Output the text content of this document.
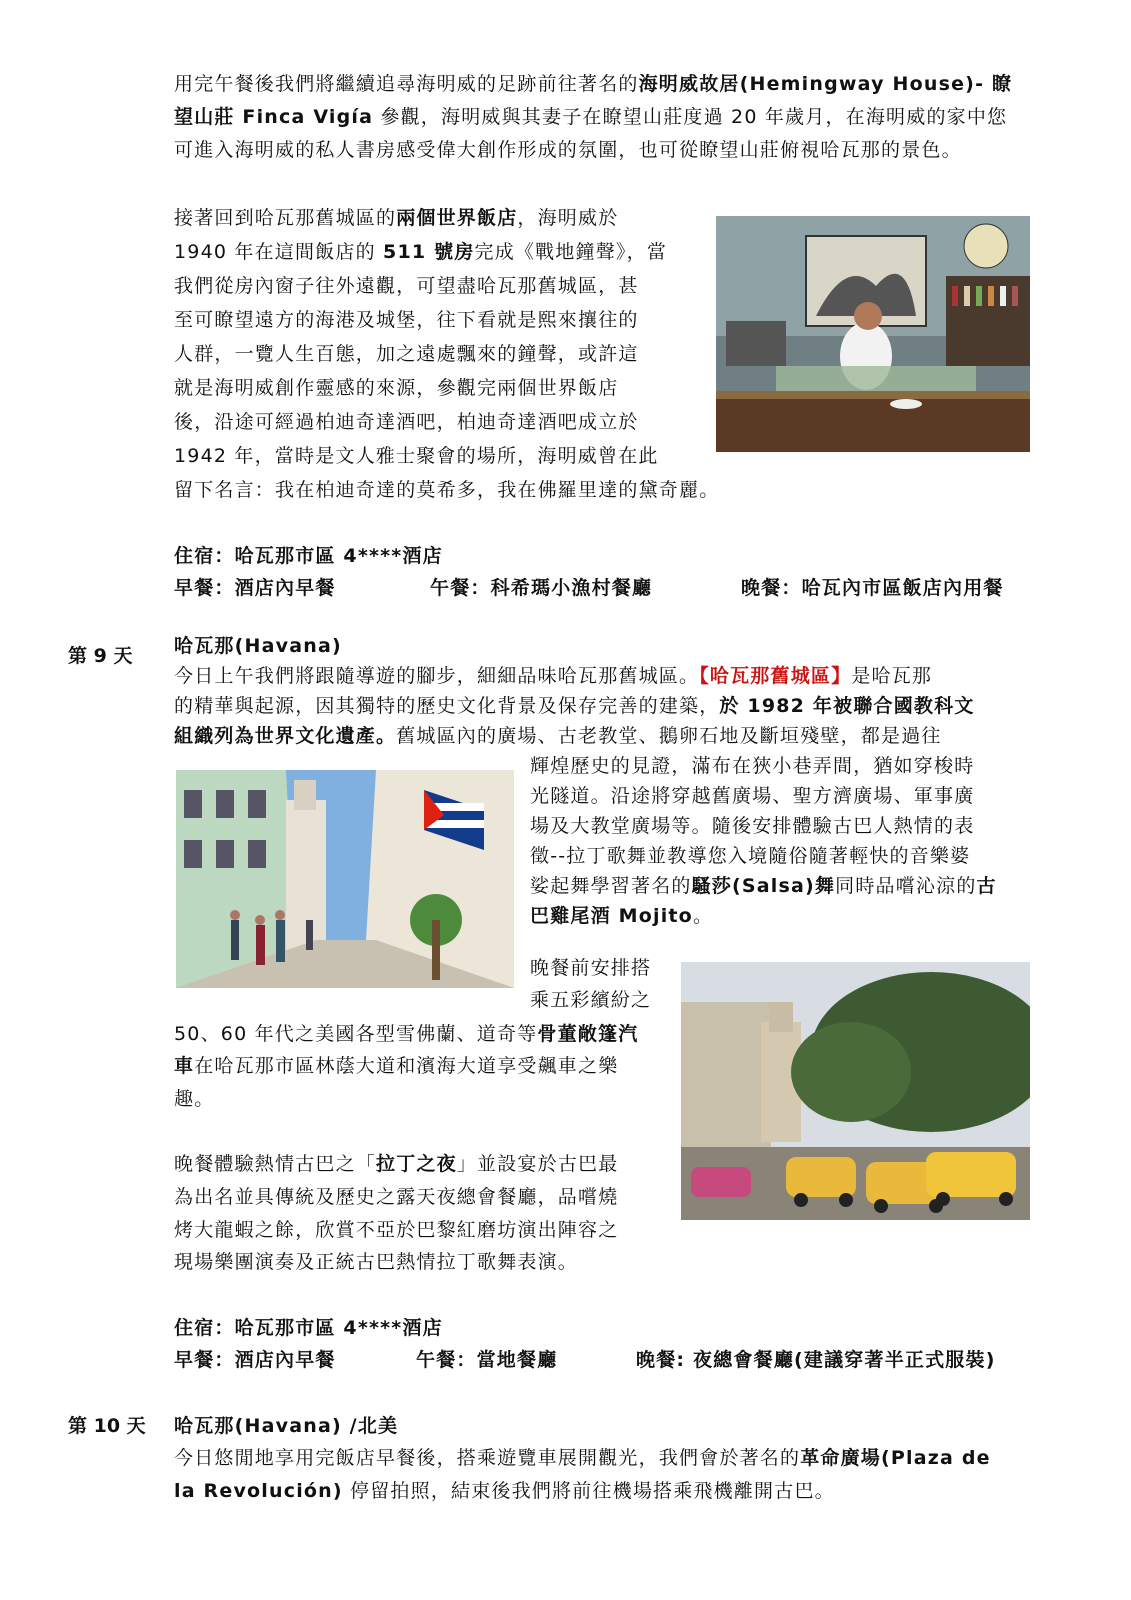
用完午餐後我們將繼續追尋海明威的足跡前往著名的海明威故居(Hemingway House)- 瞭
望山莊 Finca Vigía 參觀，海明威與其妻子在瞭望山莊度過 20 年歲月，在海明威的家中您
可進入海明威的私人書房感受偉大創作形成的氛圍，也可從瞭望山莊俯視哈瓦那的景色。
接著回到哈瓦那舊城區的兩個世界飯店，海明威於
1940 年在這間飯店的 511 號房完成《戰地鐘聲》，當
我們從房內窗子往外遠觀，可望盡哈瓦那舊城區，甚
至可瞭望遠方的海港及城堡，往下看就是熙來攘往的
人群，一覽人生百態，加之遠處飄來的鐘聲，或許這
就是海明威創作靈感的來源，參觀完兩個世界飯店
後，沿途可經過柏迪奇達酒吧，柏迪奇達酒吧成立於
1942 年，當時是文人雅士聚會的場所，海明威曾在此
留下名言：我在柏迪奇達的莫希多，我在佛羅里達的黛奇麗。
住宿：哈瓦那市區 4****酒店
早餐：酒店內早餐	午餐：科希瑪小漁村餐廳	晚餐：哈瓦內市區飯店內用餐
第 9 天 哈瓦那(Havana)
今日上午我們將跟隨導遊的腳步，細細品味哈瓦那舊城區。【哈瓦那舊城區】是哈瓦那
的精華與起源，因其獨特的歷史文化背景及保存完善的建築，於 1982 年被聯合國教科文
組織列為世界文化遺產。舊城區內的廣場、古老教堂、鵝卵石地及斷垣殘壁，都是過往
輝煌歷史的見證，滿布在狹小巷弄間，猶如穿梭時
光隧道。沿途將穿越舊廣場、聖方濟廣場、軍事廣
場及大教堂廣場等。隨後安排體驗古巴人熱情的表
徵--拉丁歌舞並教導您入境隨俗隨著輕快的音樂婆
娑起舞學習著名的騷莎(Salsa)舞同時品嚐沁涼的古
巴雞尾酒 Mojito。
晚餐前安排搭
乘五彩繽紛之
50、60 年代之美國各型雪佛蘭、道奇等骨董敞篷汽
車在哈瓦那市區林蔭大道和濱海大道享受飆車之樂
趣。
晚餐體驗熱情古巴之「拉丁之夜」並設宴於古巴最
為出名並具傳統及歷史之露天夜總會餐廳，品嚐燒
烤大龍蝦之餘，欣賞不亞於巴黎紅磨坊演出陣容之
現場樂團演奏及正統古巴熱情拉丁歌舞表演。
住宿：哈瓦那市區 4****酒店
早餐：酒店內早餐	午餐：當地餐廳	晚餐: 夜總會餐廳(建議穿著半正式服裝)
第 10 天 哈瓦那(Havana) /北美
今日悠閒地享用完飯店早餐後，搭乘遊覽車展開觀光，我們會於著名的革命廣場(Plaza de
la Revolución) 停留拍照，結束後我們將前往機場搭乘飛機離開古巴。
